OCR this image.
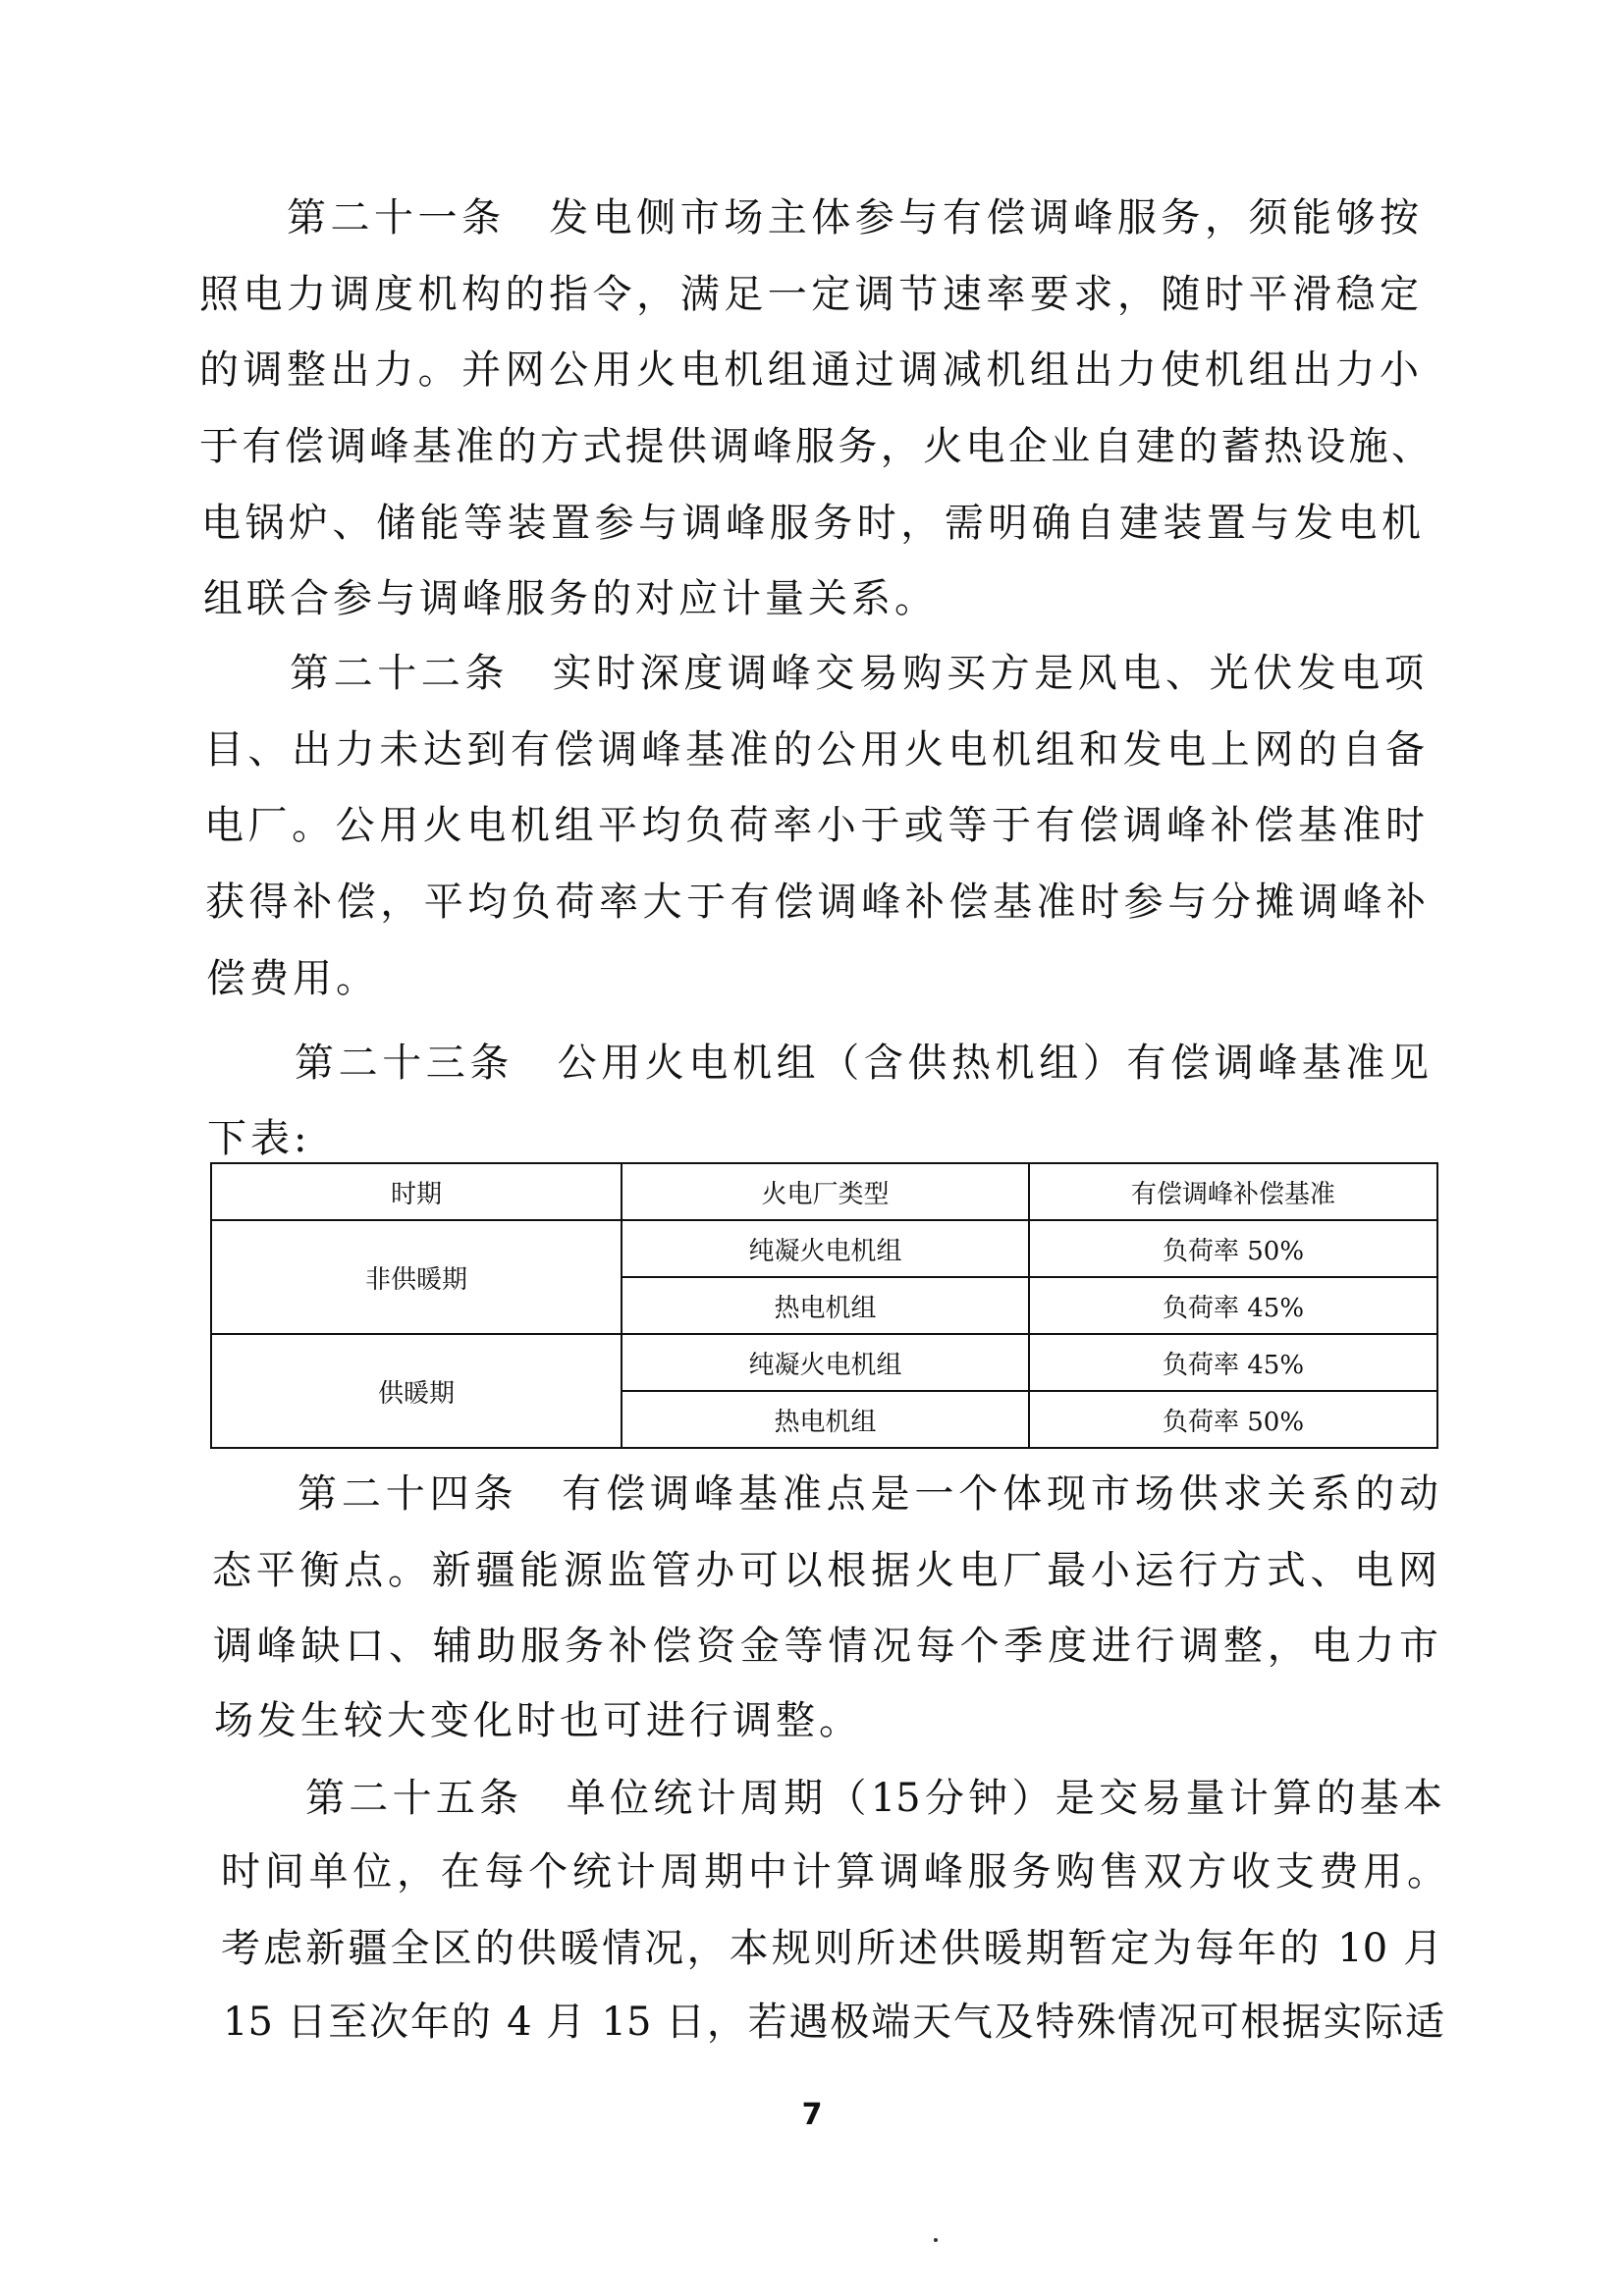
第二十一条　 发电侧市场主体参与有偿调峰服务，须能够按
照电力调度机构的指令，满足一定调节速率要求，随时平滑稳定
的调整出力。并网公用火电机组通过调减机组出力使机组出力小
于有偿调峰基准的方式提供调峰服务，火电企业自建的蓄热设施、
电锅炉、储能等装置参与调峰服务时，需明确自建装置与发电机
组联合参与调峰服务的对应计量关系。
第二十二条　 实时深度调峰交易购买方是风电、光伏发电项
目、出力未达到有偿调峰基准的公用火电机组和发电上网的自备
电厂。公用火电机组平均负荷率小于或等于有偿调峰补偿基准时
获得补偿，平均负荷率大于有偿调峰补偿基准时参与分摊调峰补
偿费用。
第二十三条　 公用火电机组（含供热机组）有偿调峰基准见
下表:
时期	火电厂类型	有偿调峰补偿基准
非供暖期	纯凝火电机组	负荷率 50%
	热电机组	负荷率 45%
供暖期	纯凝火电机组	负荷率 45%
	热电机组	负荷率 50%
第二十四条　 有偿调峰基准点是一个体现市场供求关系的动
态平衡点。新疆能源监管办可以根据火电厂最小运行方式、电网
调峰缺口、辅助服务补偿资金等情况每个季度进行调整，电力市
场发生较大变化时也可进行调整。
第二十五条　 单位统计周期（15分钟）是交易量计算的基本
时间单位，在每个统计周期中计算调峰服务购售双方收支费用。
考虑新疆全区的供暖情况，本规则所述供暖期暂定为每年的 10 月
15 日至次年的 4 月 15 日，若遇极端天气及特殊情况可根据实际适
7
